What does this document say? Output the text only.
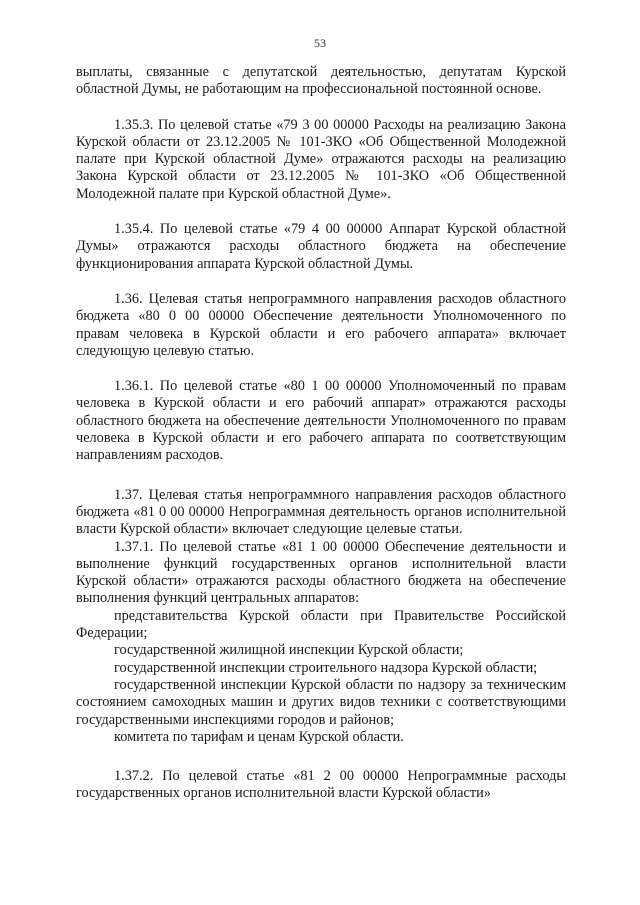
53

выплаты, связанные с депутатской деятельностью, депутатам Курской областной Думы, не работающим на профессиональной постоянной основе.

1.35.3. По целевой статье «79 3 00 00000 Расходы на реализацию Закона Курской области от 23.12.2005 № 101-ЗКО «Об Общественной Молодежной палате при Курской областной Думе» отражаются расходы на реализацию Закона Курской области от 23.12.2005 № 101-ЗКО «Об Общественной Молодежной палате при Курской областной Думе».

1.35.4. По целевой статье «79 4 00 00000 Аппарат Курской областной Думы» отражаются расходы областного бюджета на обеспечение функционирования аппарата Курской областной Думы.

1.36. Целевая статья непрограммного направления расходов областного бюджета «80 0 00 00000 Обеспечение деятельности Уполномоченного по правам человека в Курской области и его рабочего аппарата» включает следующую целевую статью.

1.36.1. По целевой статье «80 1 00 00000 Уполномоченный по правам человека в Курской области и его рабочий аппарат» отражаются расходы областного бюджета на обеспечение деятельности Уполномоченного по правам человека в Курской области и его рабочего аппарата по соответствующим направлениям расходов.

1.37. Целевая статья непрограммного направления расходов областного бюджета «81 0 00 00000 Непрограммная деятельность органов исполнительной власти Курской области» включает следующие целевые статьи.

1.37.1. По целевой статье «81 1 00 00000 Обеспечение деятельности и выполнение функций государственных органов исполнительной власти Курской области» отражаются расходы областного бюджета на обеспечение выполнения функций центральных аппаратов:

представительства Курской области при Правительстве Российской Федерации;

государственной жилищной инспекции Курской области;

государственной инспекции строительного надзора Курской области;

государственной инспекции Курской области по надзору за техническим состоянием самоходных машин и других видов техники с соответствующими государственными инспекциями городов и районов;

комитета по тарифам и ценам Курской области.

1.37.2. По целевой статье «81 2 00 00000 Непрограммные расходы государственных органов исполнительной власти Курской области»
